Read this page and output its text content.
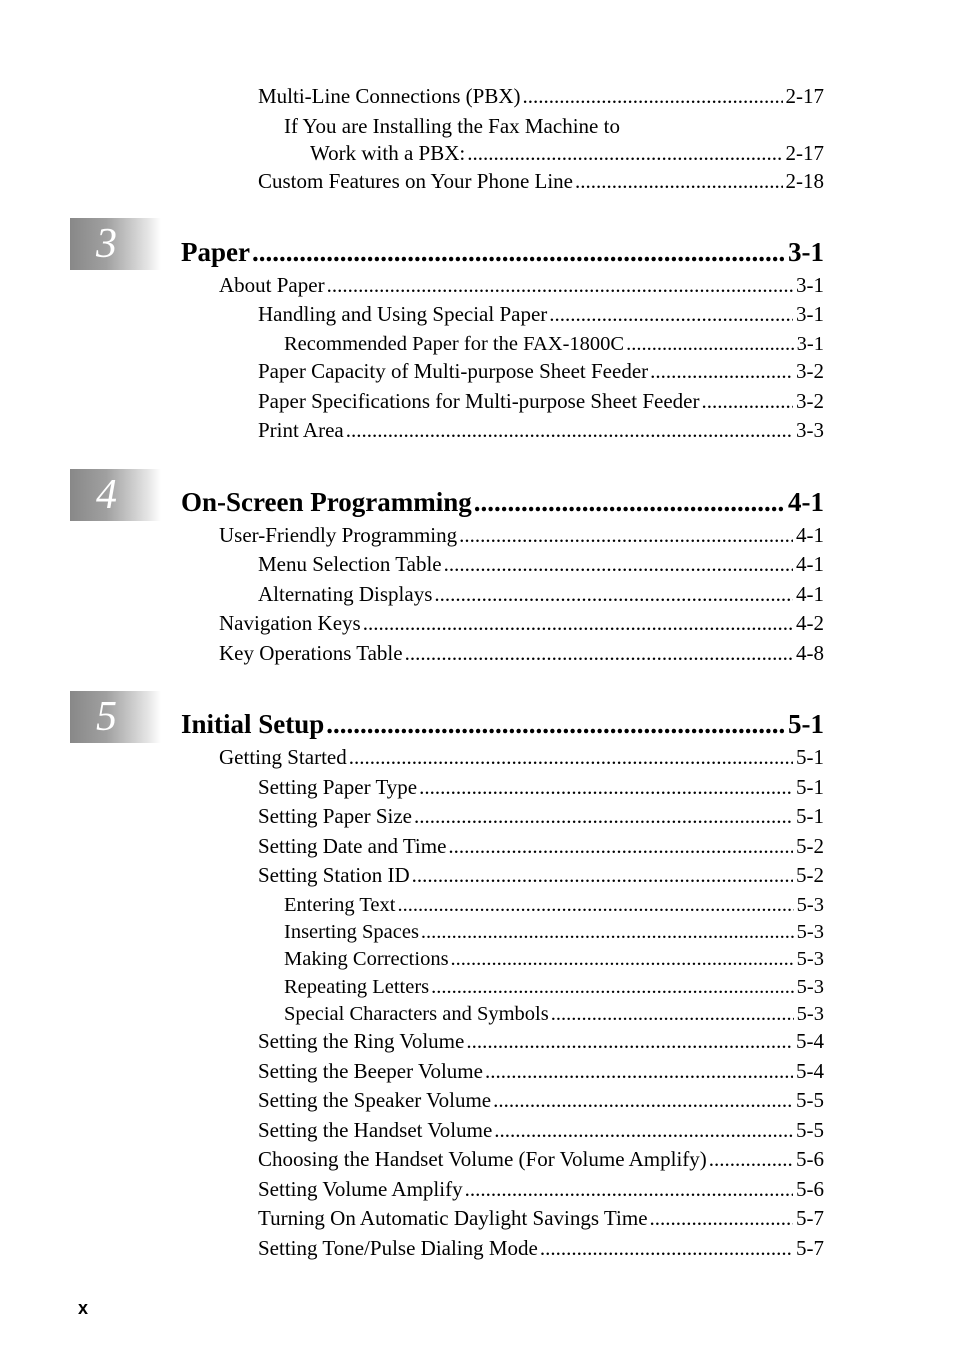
Multi-Line Connections (PBX) .....	2-17
If You are Installing the Fax Machine to
Work with a PBX: .....	2-17
Custom Features on Your Phone Line .....	2-18
3 Paper .....	3-1
About Paper .....	3-1
Handling and Using Special Paper .....	3-1
Recommended Paper for the FAX-1800C .....	3-1
Paper Capacity of Multi-purpose Sheet Feeder .....	3-2
Paper Specifications for Multi-purpose Sheet Feeder .....	3-2
Print Area .....	3-3
4 On-Screen Programming .....	4-1
User-Friendly Programming .....	4-1
Menu Selection Table .....	4-1
Alternating Displays .....	4-1
Navigation Keys .....	4-2
Key Operations Table .....	4-8
5 Initial Setup .....	5-1
Getting Started .....	5-1
Setting Paper Type .....	5-1
Setting Paper Size .....	5-1
Setting Date and Time .....	5-2
Setting Station ID .....	5-2
Entering Text .....	5-3
Inserting Spaces .....	5-3
Making Corrections .....	5-3
Repeating Letters .....	5-3
Special Characters and Symbols .....	5-3
Setting the Ring Volume .....	5-4
Setting the Beeper Volume .....	5-4
Setting the Speaker Volume .....	5-5
Setting the Handset Volume .....	5-5
Choosing the Handset Volume (For Volume Amplify) .....	5-6
Setting Volume Amplify .....	5-6
Turning On Automatic Daylight Savings Time .....	5-7
Setting Tone/Pulse Dialing Mode .....	5-7
x
